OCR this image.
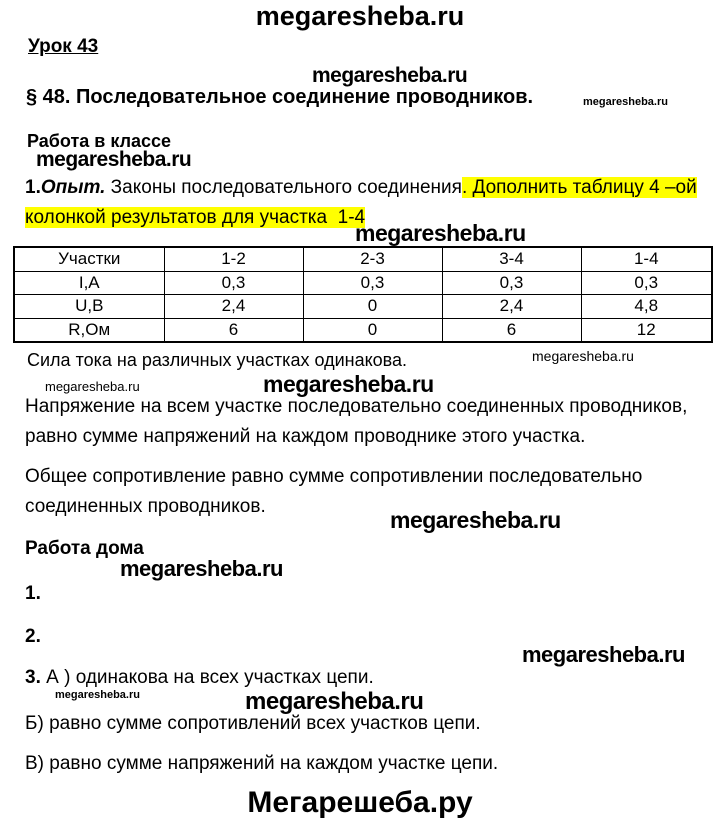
megaresheba.ru
Урок 43
megaresheba.ru
§ 48. Последовательное соединение проводников.	megaresheba.ru
Работа в классе
megaresheba.ru
1.Опыт. Законы последовательного соединения. Дополнить таблицу 4 –ой
колонкой результатов для участка  1-4
megaresheba.ru
Участки	1-2	2-3	3-4	1-4
I,А	0,3	0,3	0,3	0,3
U,В	2,4	0	2,4	4,8
R,Ом	6	0	6	12
Сила тока на различных участках одинакова.	megaresheba.ru
megaresheba.ru	megaresheba.ru
Напряжение на всем участке последовательно соединенных проводников,
равно сумме напряжений на каждом проводнике этого участка.
Общее сопротивление равно сумме сопротивлении последовательно
соединенных проводников.
megaresheba.ru
Работа дома
megaresheba.ru
1.
2.
megaresheba.ru
3. А ) одинакова на всех участках цепи.
megaresheba.ru	megaresheba.ru
Б) равно сумме сопротивлений всех участков цепи.
В) равно сумме напряжений на каждом участке цепи.
Мегарешеба.ру
